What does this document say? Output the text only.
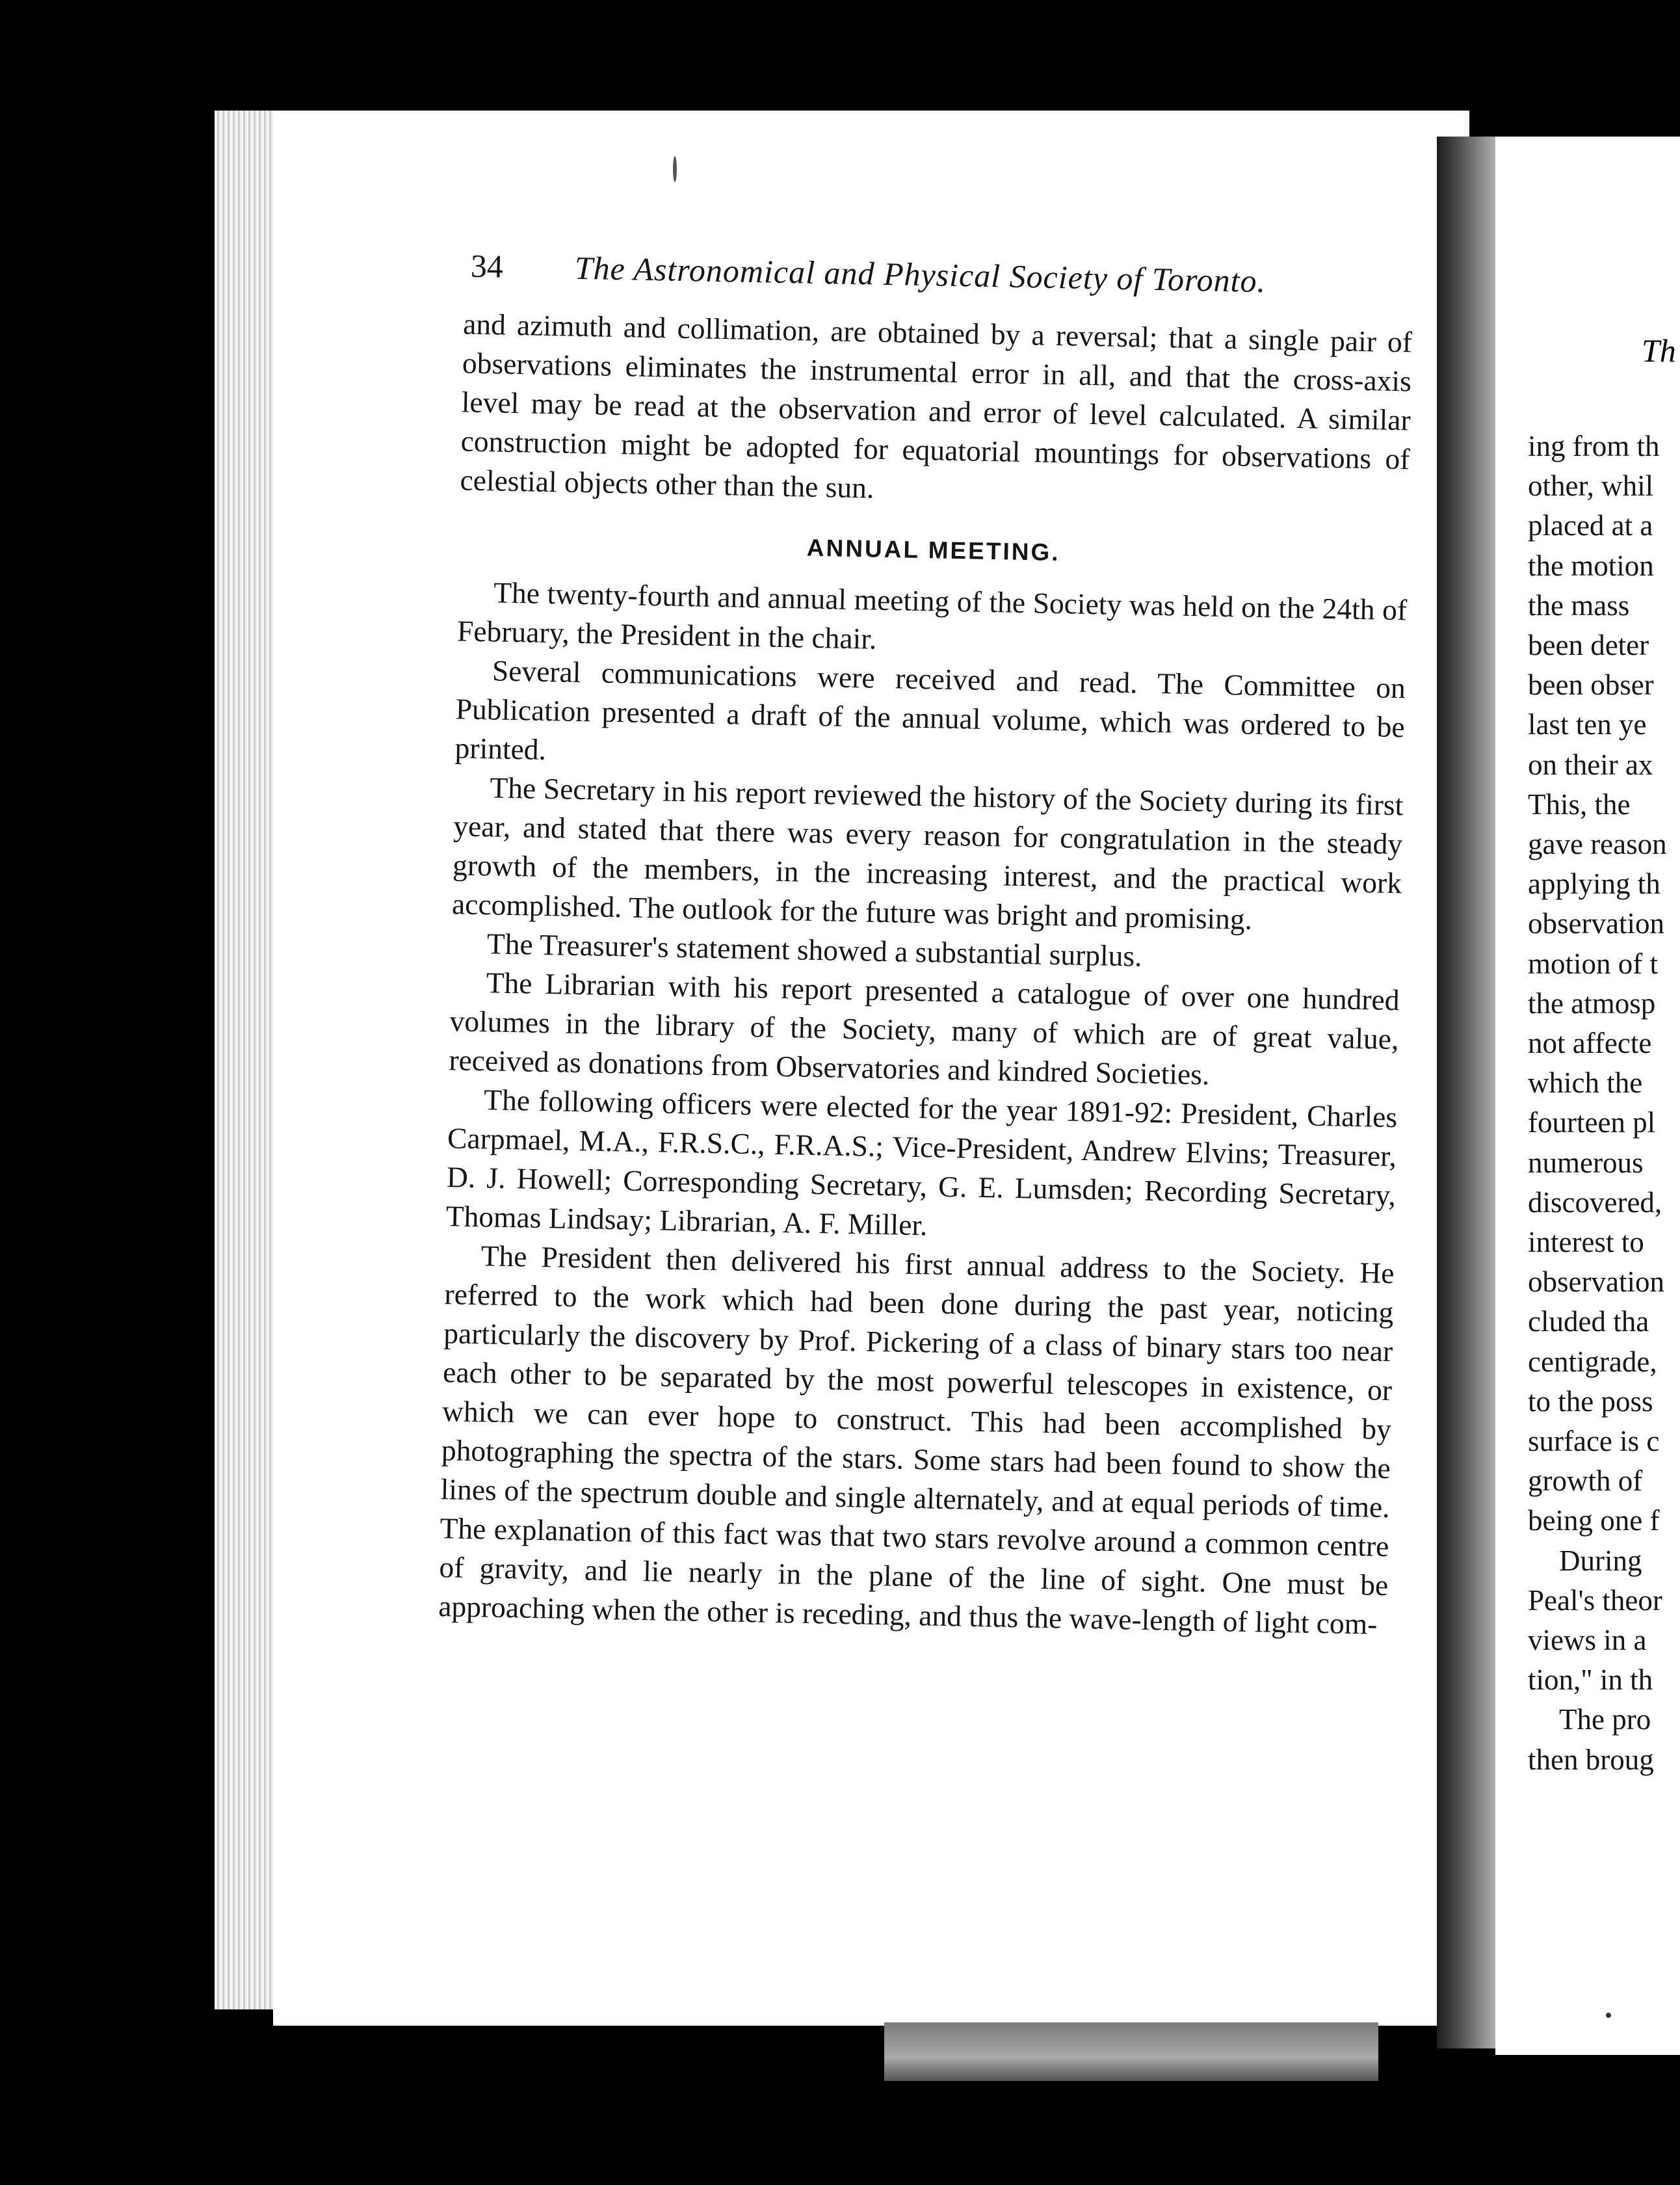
Th
ing from th
other, whil
placed at a
the motion
the mass
been deter
been obser
last ten ye
on their ax
This, the
gave reason
applying th
observation
motion of t
the atmosp
not affecte
which the
fourteen pl
numerous
discovered,
interest to
observation
cluded tha
centigrade,
to the poss
surface is c
growth of
being one f
During
Peal's theor
views in a
tion," in th
The pro
then broug
34 The Astronomical and Physical Society of Toronto.

and azimuth and collimation, are obtained by a reversal; that a single pair of observations eliminates the instrumental error in all, and that the cross-axis level may be read at the observation and error of level calculated. A similar construction might be adopted for equatorial mountings for observations of celestial objects other than the sun.

ANNUAL MEETING.

The twenty-fourth and annual meeting of the Society was held on the 24th of February, the President in the chair.

Several communications were received and read. The Committee on Publication presented a draft of the annual volume, which was ordered to be printed.

The Secretary in his report reviewed the history of the Society during its first year, and stated that there was every reason for congratulation in the steady growth of the members, in the increasing interest, and the practical work accomplished. The outlook for the future was bright and promising.

The Treasurer's statement showed a substantial surplus.

The Librarian with his report presented a catalogue of over one hundred volumes in the library of the Society, many of which are of great value, received as donations from Observatories and kindred Societies.

The following officers were elected for the year 1891-92: President, Charles Carpmael, M.A., F.R.S.C., F.R.A.S.; Vice-President, Andrew Elvins; Treasurer, D. J. Howell; Corresponding Secretary, G. E. Lumsden; Recording Secretary, Thomas Lindsay; Librarian, A. F. Miller.

The President then delivered his first annual address to the Society. He referred to the work which had been done during the past year, noticing particularly the discovery by Prof. Pickering of a class of binary stars too near each other to be separated by the most powerful telescopes in existence, or which we can ever hope to construct. This had been accomplished by photographing the spectra of the stars. Some stars had been found to show the lines of the spectrum double and single alternately, and at equal periods of time. The explanation of this fact was that two stars revolve around a common centre of gravity, and lie nearly in the plane of the line of sight. One must be approaching when the other is receding, and thus the wave-length of light com-
